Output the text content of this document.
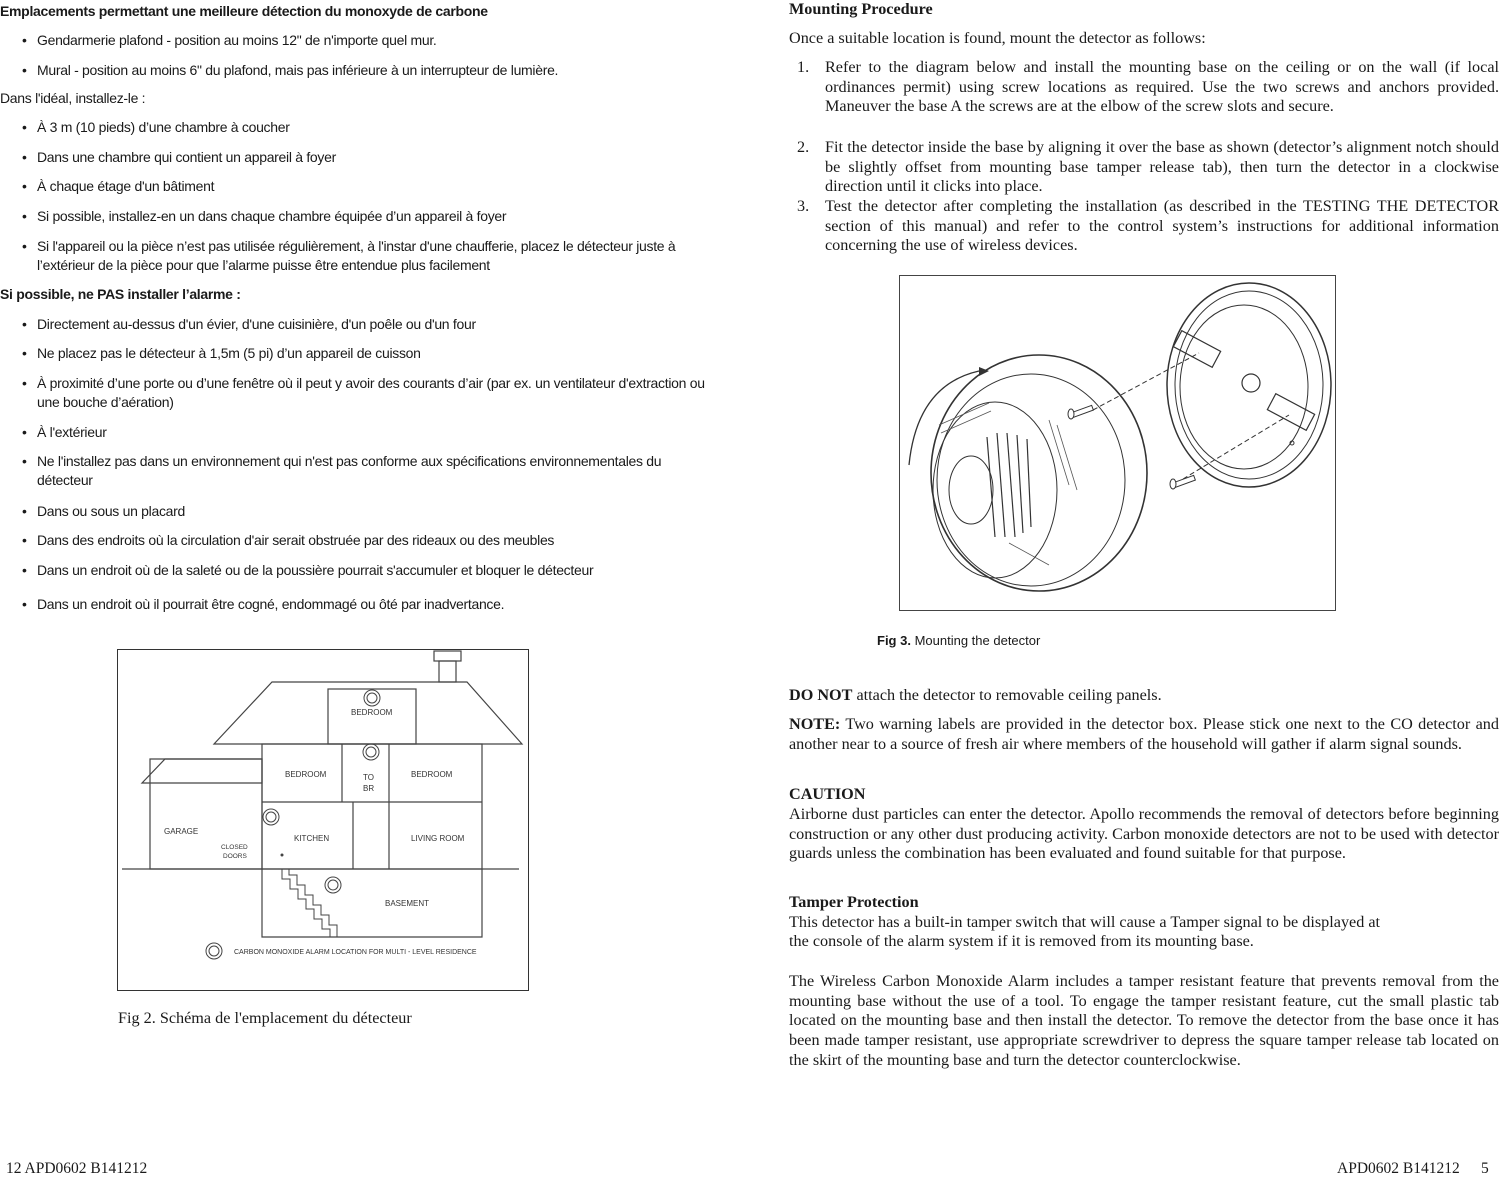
Emplacements permettant une meilleure détection du monoxyde de carbone
• Gendarmerie plafond - position au moins 12" de n'importe quel mur.
• Mural - position au moins 6" du plafond, mais pas inférieure à un interrupteur de lumière.
Dans l'idéal, installez-le :
• À 3 m (10 pieds) d’une chambre à coucher
• Dans une chambre qui contient un appareil à foyer
• À chaque étage d'un bâtiment
• Si possible, installez-en un dans chaque chambre équipée d’un appareil à foyer
• Si l'appareil ou la pièce n’est pas utilisée régulièrement, à l'instar d'une chaufferie, placez le détecteur juste à l’extérieur de la pièce pour que l’alarme puisse être entendue plus facilement
Si possible, ne PAS installer l’alarme :
• Directement au-dessus d'un évier, d'une cuisinière, d'un poêle ou d'un four
• Ne placez pas le détecteur à 1,5m (5 pi) d’un appareil de cuisson
• À proximité d’une porte ou d’une fenêtre où il peut y avoir des courants d’air (par ex. un ventilateur d'extraction ou une bouche d’aération)
• À l'extérieur
• Ne l'installez pas dans un environnement qui n'est pas conforme aux spécifications environnementales du détecteur
• Dans ou sous un placard
• Dans des endroits où la circulation d'air serait obstruée par des rideaux ou des meubles
• Dans un endroit où de la saleté ou de la poussière pourrait s'accumuler et bloquer le détecteur
• Dans un endroit où il pourrait être cogné, endommagé ou ôté par inadvertance.
BEDROOM
BEDROOM	BEDROOM
TO
BR
GARAGE
CLOSED
DOORS
KITCHEN	LIVING ROOM
BASEMENT
CARBON MONOXIDE ALARM LOCATION FOR MULTI - LEVEL RESIDENCE
Fig 2. Schéma de l'emplacement du détecteur
12 APD0602 B141212
Mounting Procedure
Once a suitable location is found, mount the detector as follows:
1. Refer to the diagram below and install the mounting base on the ceiling or on the wall (if local ordinances permit) using screw locations as required. Use the two screws and anchors provided. Maneuver the base A the screws are at the elbow of the screw slots and secure.
2. Fit the detector inside the base by aligning it over the base as shown (detector’s alignment notch should be slightly offset from mounting base tamper release tab), then turn the detector in a clockwise direction until it clicks into place.
3. Test the detector after completing the installation (as described in the TESTING THE DETECTOR section of this manual) and refer to the control system’s instructions for additional information concerning the use of wireless devices.
Fig 3. Mounting the detector
DO NOT attach the detector to removable ceiling panels.
NOTE: Two warning labels are provided in the detector box. Please stick one next to the CO detector and another near to a source of fresh air where members of the household will gather if alarm signal sounds.
CAUTION
Airborne dust particles can enter the detector. Apollo recommends the removal of detectors before beginning construction or any other dust producing activity. Carbon monoxide detectors are not to be used with detector guards unless the combination has been evaluated and found suitable for that purpose.
Tamper Protection
This detector has a built-in tamper switch that will cause a Tamper signal to be displayed at
the console of the alarm system if it is removed from its mounting base.
The Wireless Carbon Monoxide Alarm includes a tamper resistant feature that prevents removal from the mounting base without the use of a tool. To engage the tamper resistant feature, cut the small plastic tab located on the mounting base and then install the detector. To remove the detector from the base once it has been made tamper resistant, use appropriate screwdriver to depress the square tamper release tab located on the skirt of the mounting base and turn the detector counterclockwise.
APD0602 B141212 5
